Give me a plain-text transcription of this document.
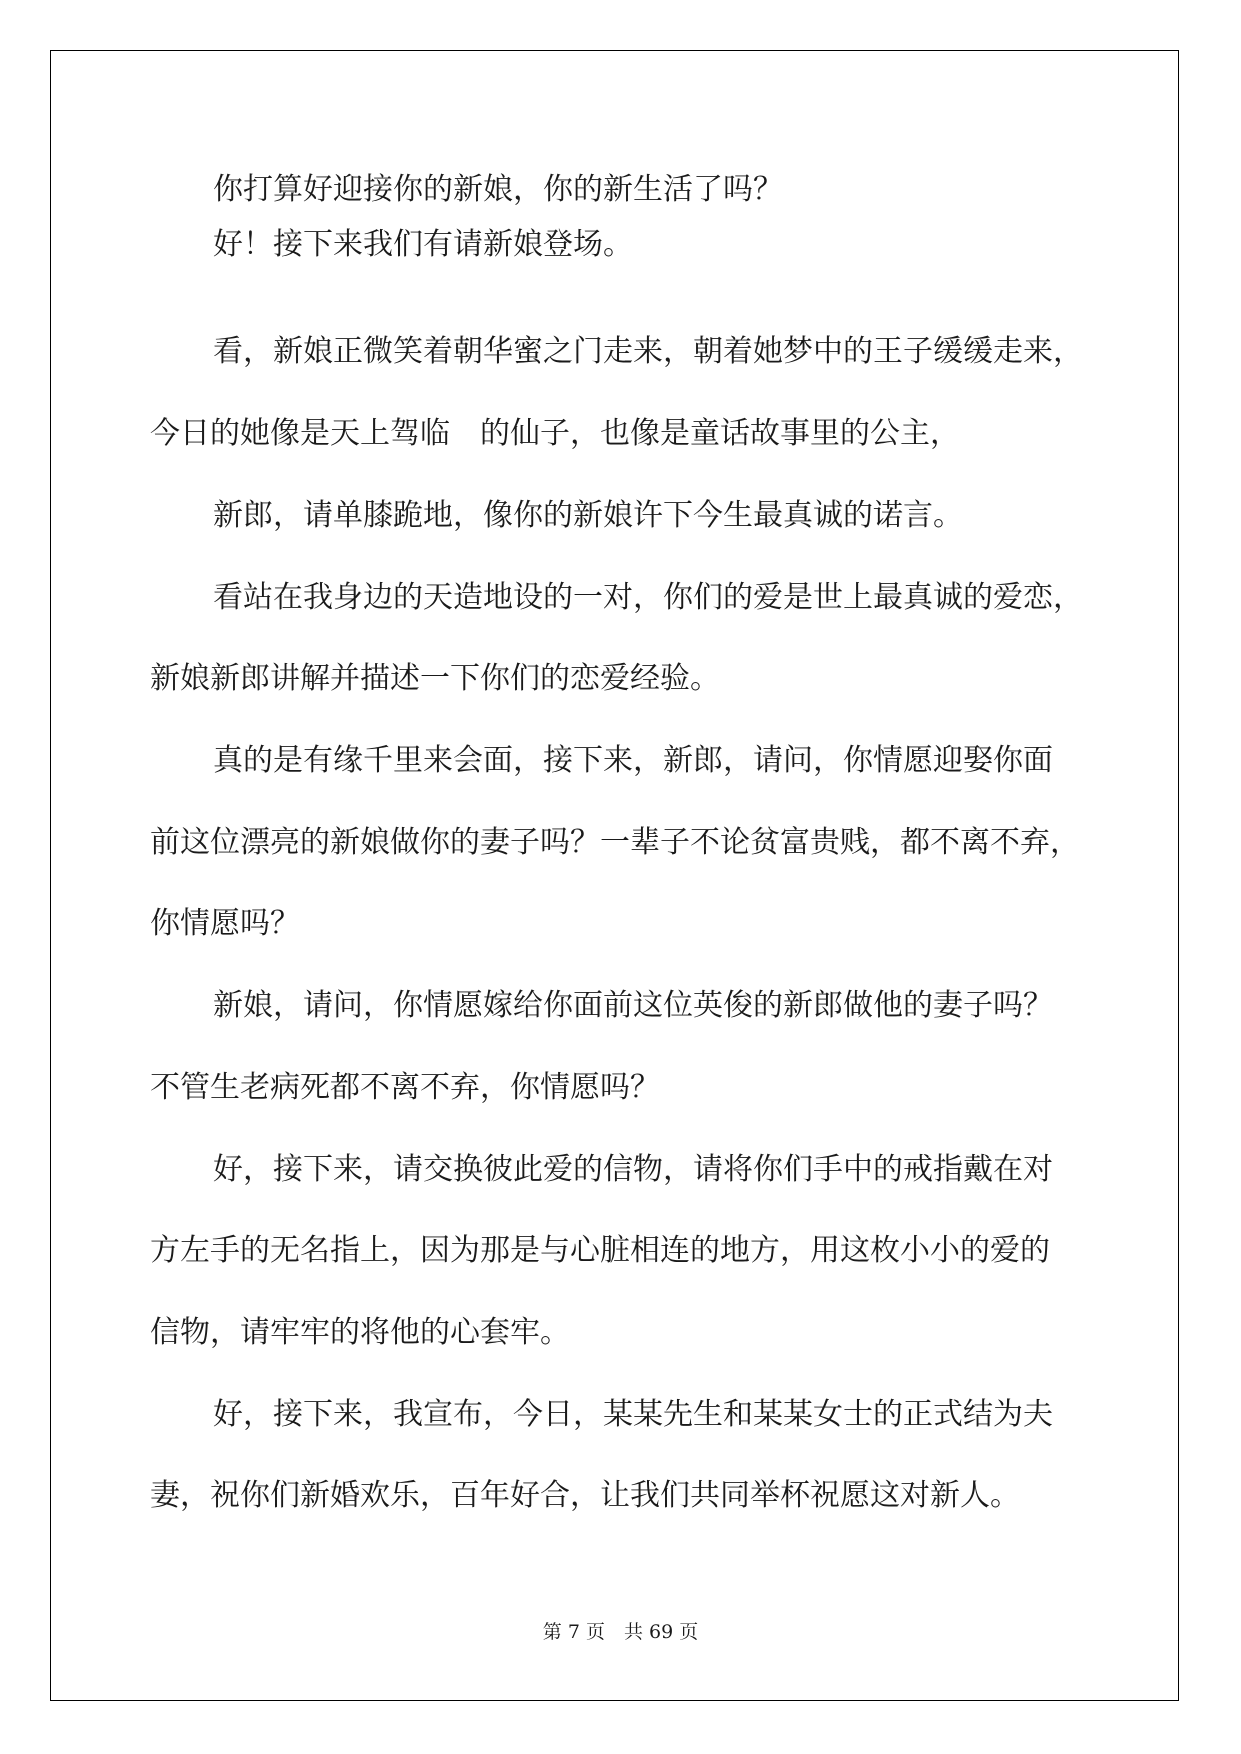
你打算好迎接你的新娘，你的新生活了吗？
好！接下来我们有请新娘登场。
看，新娘正微笑着朝华蜜之门走来，朝着她梦中的王子缓缓走来，
今日的她像是天上驾临　的仙子，也像是童话故事里的公主，
新郎，请单膝跪地，像你的新娘许下今生最真诚的诺言。
看站在我身边的天造地设的一对，你们的爱是世上最真诚的爱恋，
新娘新郎讲解并描述一下你们的恋爱经验。
真的是有缘千里来会面，接下来，新郎，请问，你情愿迎娶你面
前这位漂亮的新娘做你的妻子吗？一辈子不论贫富贵贱，都不离不弃，
你情愿吗？
新娘，请问，你情愿嫁给你面前这位英俊的新郎做他的妻子吗？
不管生老病死都不离不弃，你情愿吗？
好，接下来，请交换彼此爱的信物，请将你们手中的戒指戴在对
方左手的无名指上，因为那是与心脏相连的地方，用这枚小小的爱的
信物，请牢牢的将他的心套牢。
好，接下来，我宣布，今日，某某先生和某某女士的正式结为夫
妻，祝你们新婚欢乐，百年好合，让我们共同举杯祝愿这对新人。
第 7 页　共 69 页
